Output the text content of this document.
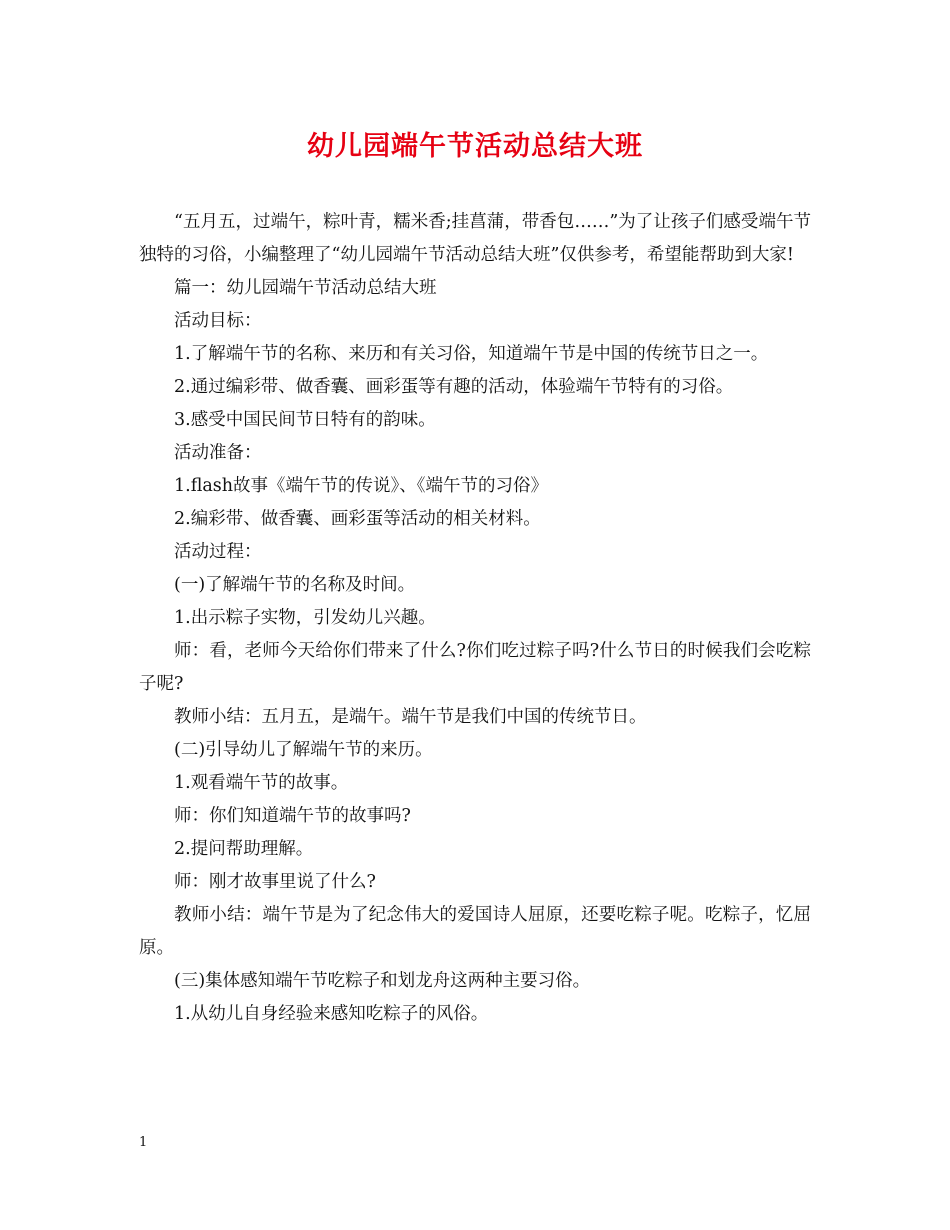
幼儿园端午节活动总结大班

“五月五，过端午，粽叶青，糯米香;挂菖蒲，带香包……”为了让孩子们感受端午节独特的习俗，小编整理了“幼儿园端午节活动总结大班”仅供参考，希望能帮助到大家!

篇一：幼儿园端午节活动总结大班

活动目标：

1.了解端午节的名称、来历和有关习俗，知道端午节是中国的传统节日之一。

2.通过编彩带、做香囊、画彩蛋等有趣的活动，体验端午节特有的习俗。

3.感受中国民间节日特有的韵味。

活动准备：

1.flash故事《端午节的传说》、《端午节的习俗》

2.编彩带、做香囊、画彩蛋等活动的相关材料。

活动过程：

(一)了解端午节的名称及时间。

1.出示粽子实物，引发幼儿兴趣。

师：看，老师今天给你们带来了什么?你们吃过粽子吗?什么节日的时候我们会吃粽子呢?

教师小结：五月五，是端午。端午节是我们中国的传统节日。

(二)引导幼儿了解端午节的来历。

1.观看端午节的故事。

师：你们知道端午节的故事吗?

2.提问帮助理解。

师：刚才故事里说了什么?

教师小结：端午节是为了纪念伟大的爱国诗人屈原，还要吃粽子呢。吃粽子，忆屈原。

(三)集体感知端午节吃粽子和划龙舟这两种主要习俗。

1.从幼儿自身经验来感知吃粽子的风俗。

1
